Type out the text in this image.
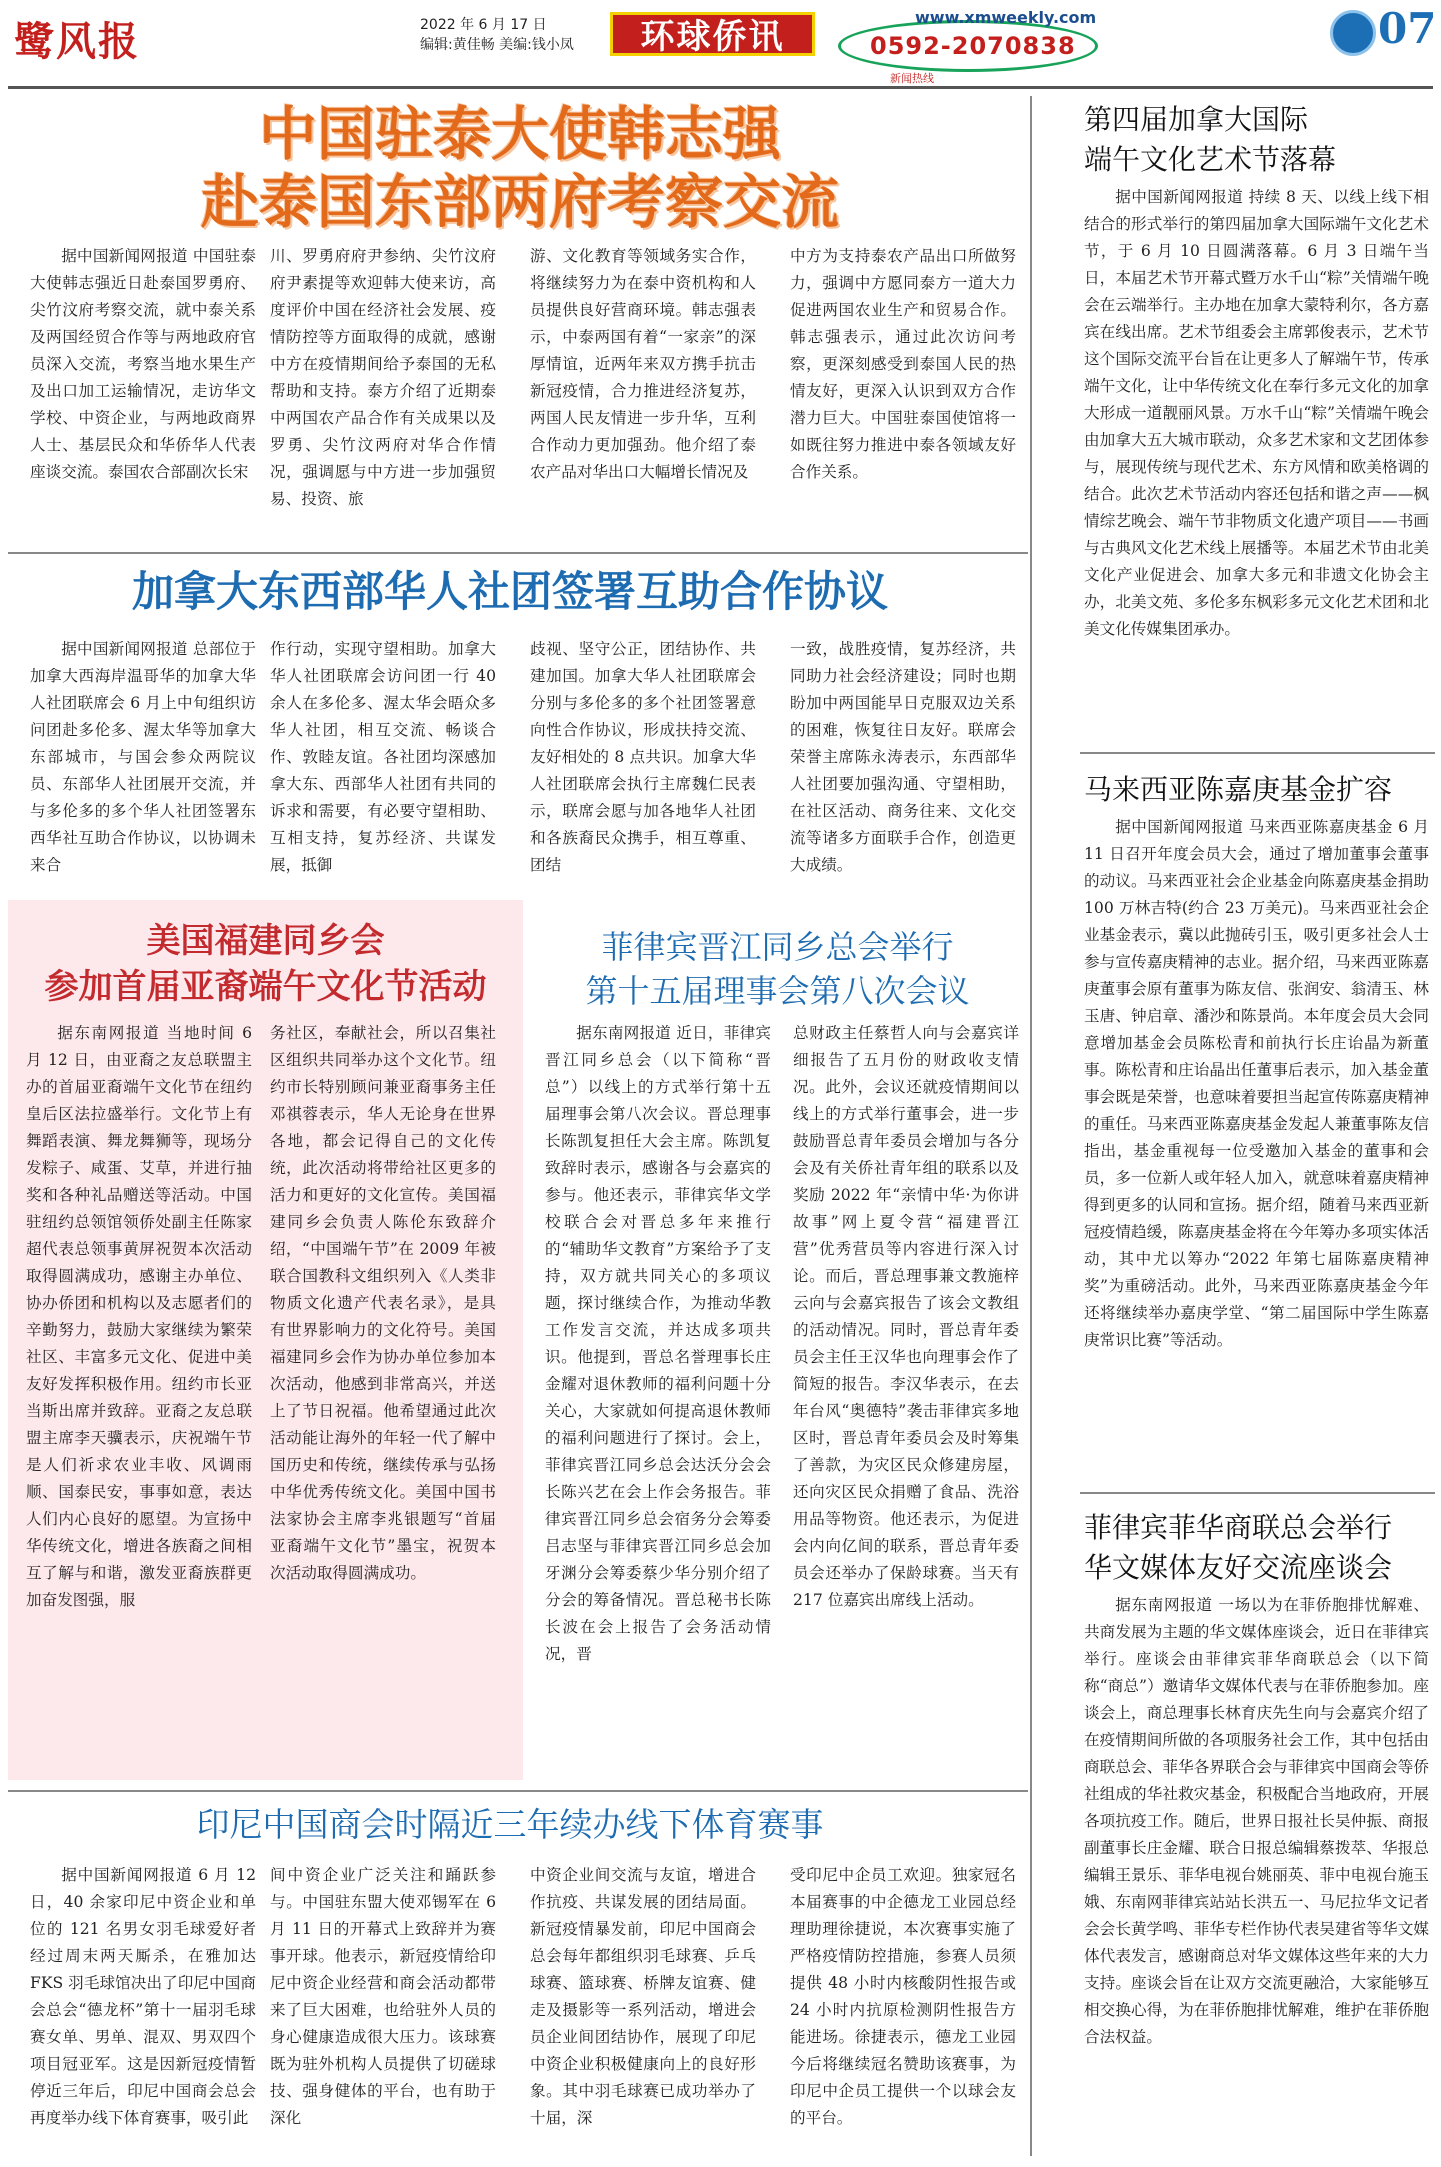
鹭风报	2022 年 6 月 17 日
编辑:黄佳畅 美编:钱小凤	环球侨讯	www.xmweekly.com
0592-2070838
新闻热线
07
中国驻泰大使韩志强
赴泰国东部两府考察交流

据中国新闻网报道 中国驻泰大使韩志强近日赴泰国罗勇府、尖竹汶府考察交流，就中泰关系及两国经贸合作等与两地政府官员深入交流，考察当地水果生产及出口加工运输情况，走访华文学校、中资企业，与两地政商界人士、基层民众和华侨华人代表座谈交流。泰国农合部副次长宋

川、罗勇府府尹参纳、尖竹汶府府尹素提等欢迎韩大使来访，高度评价中国在经济社会发展、疫情防控等方面取得的成就，感谢中方在疫情期间给予泰国的无私帮助和支持。泰方介绍了近期泰中两国农产品合作有关成果以及罗勇、尖竹汶两府对华合作情况，强调愿与中方进一步加强贸易、投资、旅

游、文化教育等领域务实合作，将继续努力为在泰中资机构和人员提供良好营商环境。韩志强表示，中泰两国有着“一家亲”的深厚情谊，近两年来双方携手抗击新冠疫情，合力推进经济复苏，两国人民友情进一步升华，互利合作动力更加强劲。他介绍了泰农产品对华出口大幅增长情况及

中方为支持泰农产品出口所做努力，强调中方愿同泰方一道大力促进两国农业生产和贸易合作。韩志强表示，通过此次访问考察，更深刻感受到泰国人民的热情友好，更深入认识到双方合作潜力巨大。中国驻泰国使馆将一如既往努力推进中泰各领域友好合作关系。

加拿大东西部华人社团签署互助合作协议

据中国新闻网报道 总部位于加拿大西海岸温哥华的加拿大华人社团联席会 6 月上中旬组织访问团赴多伦多、渥太华等加拿大东部城市，与国会参众两院议员、东部华人社团展开交流，并与多伦多的多个华人社团签署东西华社互助合作协议，以协调未来合

作行动，实现守望相助。加拿大华人社团联席会访问团一行 40 余人在多伦多、渥太华会晤众多华人社团，相互交流、畅谈合作、敦睦友谊。各社团均深感加拿大东、西部华人社团有共同的诉求和需要，有必要守望相助、互相支持，复苏经济、共谋发展，抵御

歧视、坚守公正，团结协作、共建加国。加拿大华人社团联席会分别与多伦多的多个社团签署意向性合作协议，形成扶持交流、友好相处的 8 点共识。加拿大华人社团联席会执行主席魏仁民表示，联席会愿与加各地华人社团和各族裔民众携手，相互尊重、团结

一致，战胜疫情，复苏经济，共同助力社会经济建设；同时也期盼加中两国能早日克服双边关系的困难，恢复往日友好。联席会荣誉主席陈永涛表示，东西部华人社团要加强沟通、守望相助，在社区活动、商务往来、文化交流等诸多方面联手合作，创造更大成绩。

美国福建同乡会
参加首届亚裔端午文化节活动

据东南网报道 当地时间 6 月 12 日，由亚裔之友总联盟主办的首届亚裔端午文化节在纽约皇后区法拉盛举行。文化节上有舞蹈表演、舞龙舞狮等，现场分发粽子、咸蛋、艾草，并进行抽奖和各种礼品赠送等活动。中国驻纽约总领馆领侨处副主任陈家超代表总领事黄屏祝贺本次活动取得圆满成功，感谢主办单位、协办侨团和机构以及志愿者们的辛勤努力，鼓励大家继续为繁荣社区、丰富多元文化、促进中美友好发挥积极作用。纽约市长亚当斯出席并致辞。亚裔之友总联盟主席李天骥表示，庆祝端午节是人们祈求农业丰收、风调雨顺、国泰民安，事事如意，表达人们内心良好的愿望。为宣扬中华传统文化，增进各族裔之间相互了解与和谐，激发亚裔族群更加奋发图强，服

务社区，奉献社会，所以召集社区组织共同举办这个文化节。纽约市长特别顾问兼亚裔事务主任邓祺蓉表示，华人无论身在世界各地，都会记得自己的文化传统，此次活动将带给社区更多的活力和更好的文化宣传。美国福建同乡会负责人陈伦东致辞介绍，“中国端午节”在 2009 年被联合国教科文组织列入《人类非物质文化遗产代表名录》，是具有世界影响力的文化符号。美国福建同乡会作为协办单位参加本次活动，他感到非常高兴，并送上了节日祝福。他希望通过此次活动能让海外的年轻一代了解中国历史和传统，继续传承与弘扬中华优秀传统文化。美国中国书法家协会主席李兆银题写“首届亚裔端午文化节”墨宝，祝贺本次活动取得圆满成功。

菲律宾晋江同乡总会举行
第十五届理事会第八次会议

据东南网报道 近日，菲律宾晋江同乡总会（以下简称“晋总”）以线上的方式举行第十五届理事会第八次会议。晋总理事长陈凯复担任大会主席。陈凯复致辞时表示，感谢各与会嘉宾的参与。他还表示，菲律宾华文学校联合会对晋总多年来推行的“辅助华文教育”方案给予了支持，双方就共同关心的多项议题，探讨继续合作，为推动华教工作发言交流，并达成多项共识。他提到，晋总名誉理事长庄金耀对退休教师的福利问题十分关心，大家就如何提高退休教师的福利问题进行了探讨。会上，菲律宾晋江同乡总会达沃分会会长陈兴艺在会上作会务报告。菲律宾晋江同乡总会宿务分会筹委吕志坚与菲律宾晋江同乡总会加牙渊分会筹委蔡少华分别介绍了分会的筹备情况。晋总秘书长陈长波在会上报告了会务活动情况，晋

总财政主任蔡哲人向与会嘉宾详细报告了五月份的财政收支情况。此外，会议还就疫情期间以线上的方式举行董事会，进一步鼓励晋总青年委员会增加与各分会及有关侨社青年组的联系以及奖励 2022 年“亲情中华·为你讲故事”网上夏令营“福建晋江营”优秀营员等内容进行深入讨论。而后，晋总理事兼文教施梓云向与会嘉宾报告了该会文教组的活动情况。同时，晋总青年委员会主任王汉华也向理事会作了简短的报告。李汉华表示，在去年台风“奥德特”袭击菲律宾多地区时，晋总青年委员会及时筹集了善款，为灾区民众修建房屋，还向灾区民众捐赠了食品、洗浴用品等物资。他还表示，为促进会内向亿间的联系，晋总青年委员会还举办了保龄球赛。当天有 217 位嘉宾出席线上活动。

印尼中国商会时隔近三年续办线下体育赛事

据中国新闻网报道 6 月 12 日，40 余家印尼中资企业和单位的 121 名男女羽毛球爱好者经过周末两天厮杀，在雅加达 FKS 羽毛球馆决出了印尼中国商会总会“德龙杯”第十一届羽毛球赛女单、男单、混双、男双四个项目冠亚军。这是因新冠疫情暂停近三年后，印尼中国商会总会再度举办线下体育赛事，吸引此

间中资企业广泛关注和踊跃参与。中国驻东盟大使邓锡军在 6 月 11 日的开幕式上致辞并为赛事开球。他表示，新冠疫情给印尼中资企业经营和商会活动都带来了巨大困难，也给驻外人员的身心健康造成很大压力。该球赛既为驻外机构人员提供了切磋球技、强身健体的平台，也有助于深化

中资企业间交流与友谊，增进合作抗疫、共谋发展的团结局面。新冠疫情暴发前，印尼中国商会总会每年都组织羽毛球赛、乒乓球赛、篮球赛、桥牌友谊赛、健走及摄影等一系列活动，增进会员企业间团结协作，展现了印尼中资企业积极健康向上的良好形象。其中羽毛球赛已成功举办了十届，深

受印尼中企员工欢迎。独家冠名本届赛事的中企德龙工业园总经理助理徐捷说，本次赛事实施了严格疫情防控措施，参赛人员须提供 48 小时内核酸阴性报告或 24 小时内抗原检测阴性报告方能进场。徐捷表示，德龙工业园今后将继续冠名赞助该赛事，为印尼中企员工提供一个以球会友的平台。

第四届加拿大国际
端午文化艺术节落幕

据中国新闻网报道 持续 8 天、以线上线下相结合的形式举行的第四届加拿大国际端午文化艺术节，于 6 月 10 日圆满落幕。6 月 3 日端午当日，本届艺术节开幕式暨万水千山“粽”关情端午晚会在云端举行。主办地在加拿大蒙特利尔，各方嘉宾在线出席。艺术节组委会主席郭俊表示，艺术节这个国际交流平台旨在让更多人了解端午节，传承端午文化，让中华传统文化在奉行多元文化的加拿大形成一道靓丽风景。万水千山“粽”关情端午晚会由加拿大五大城市联动，众多艺术家和文艺团体参与，展现传统与现代艺术、东方风情和欧美格调的结合。此次艺术节活动内容还包括和谐之声——枫情综艺晚会、端午节非物质文化遗产项目——书画与古典风文化艺术线上展播等。本届艺术节由北美文化产业促进会、加拿大多元和非遗文化协会主办，北美文苑、多伦多东枫彩多元文化艺术团和北美文化传媒集团承办。

马来西亚陈嘉庚基金扩容

据中国新闻网报道 马来西亚陈嘉庚基金 6 月 11 日召开年度会员大会，通过了增加董事会董事的动议。马来西亚社会企业基金向陈嘉庚基金捐助 100 万林吉特(约合 23 万美元)。马来西亚社会企业基金表示，冀以此抛砖引玉，吸引更多社会人士参与宣传嘉庚精神的志业。据介绍，马来西亚陈嘉庚董事会原有董事为陈友信、张润安、翁清玉、林玉唐、钟启章、潘沙和陈景尚。本年度会员大会同意增加基金会员陈松青和前执行长庄诒晶为新董事。陈松青和庄诒晶出任董事后表示，加入基金董事会既是荣誉，也意味着要担当起宣传陈嘉庚精神的重任。马来西亚陈嘉庚基金发起人兼董事陈友信指出，基金重视每一位受邀加入基金的董事和会员，多一位新人或年轻人加入，就意味着嘉庚精神得到更多的认同和宣扬。据介绍，随着马来西亚新冠疫情趋缓，陈嘉庚基金将在今年筹办多项实体活动，其中尤以筹办“2022 年第七届陈嘉庚精神奖”为重磅活动。此外，马来西亚陈嘉庚基金今年还将继续举办嘉庚学堂、“第二届国际中学生陈嘉庚常识比赛”等活动。

菲律宾菲华商联总会举行
华文媒体友好交流座谈会

据东南网报道 一场以为在菲侨胞排忧解难、共商发展为主题的华文媒体座谈会，近日在菲律宾举行。座谈会由菲律宾菲华商联总会（以下简称“商总”）邀请华文媒体代表与在菲侨胞参加。座谈会上，商总理事长林育庆先生向与会嘉宾介绍了在疫情期间所做的各项服务社会工作，其中包括由商联总会、菲华各界联合会与菲律宾中国商会等侨社组成的华社救灾基金，积极配合当地政府，开展各项抗疫工作。随后，世界日报社长吴仲振、商报副董事长庄金耀、联合日报总编辑蔡拨萃、华报总编辑王景乐、菲华电视台姚丽英、菲中电视台施玉娥、东南网菲律宾站站长洪五一、马尼拉华文记者会会长黄学鸣、菲华专栏作协代表吴建省等华文媒体代表发言，感谢商总对华文媒体这些年来的大力支持。座谈会旨在让双方交流更融洽，大家能够互相交换心得，为在菲侨胞排忧解难，维护在菲侨胞合法权益。
